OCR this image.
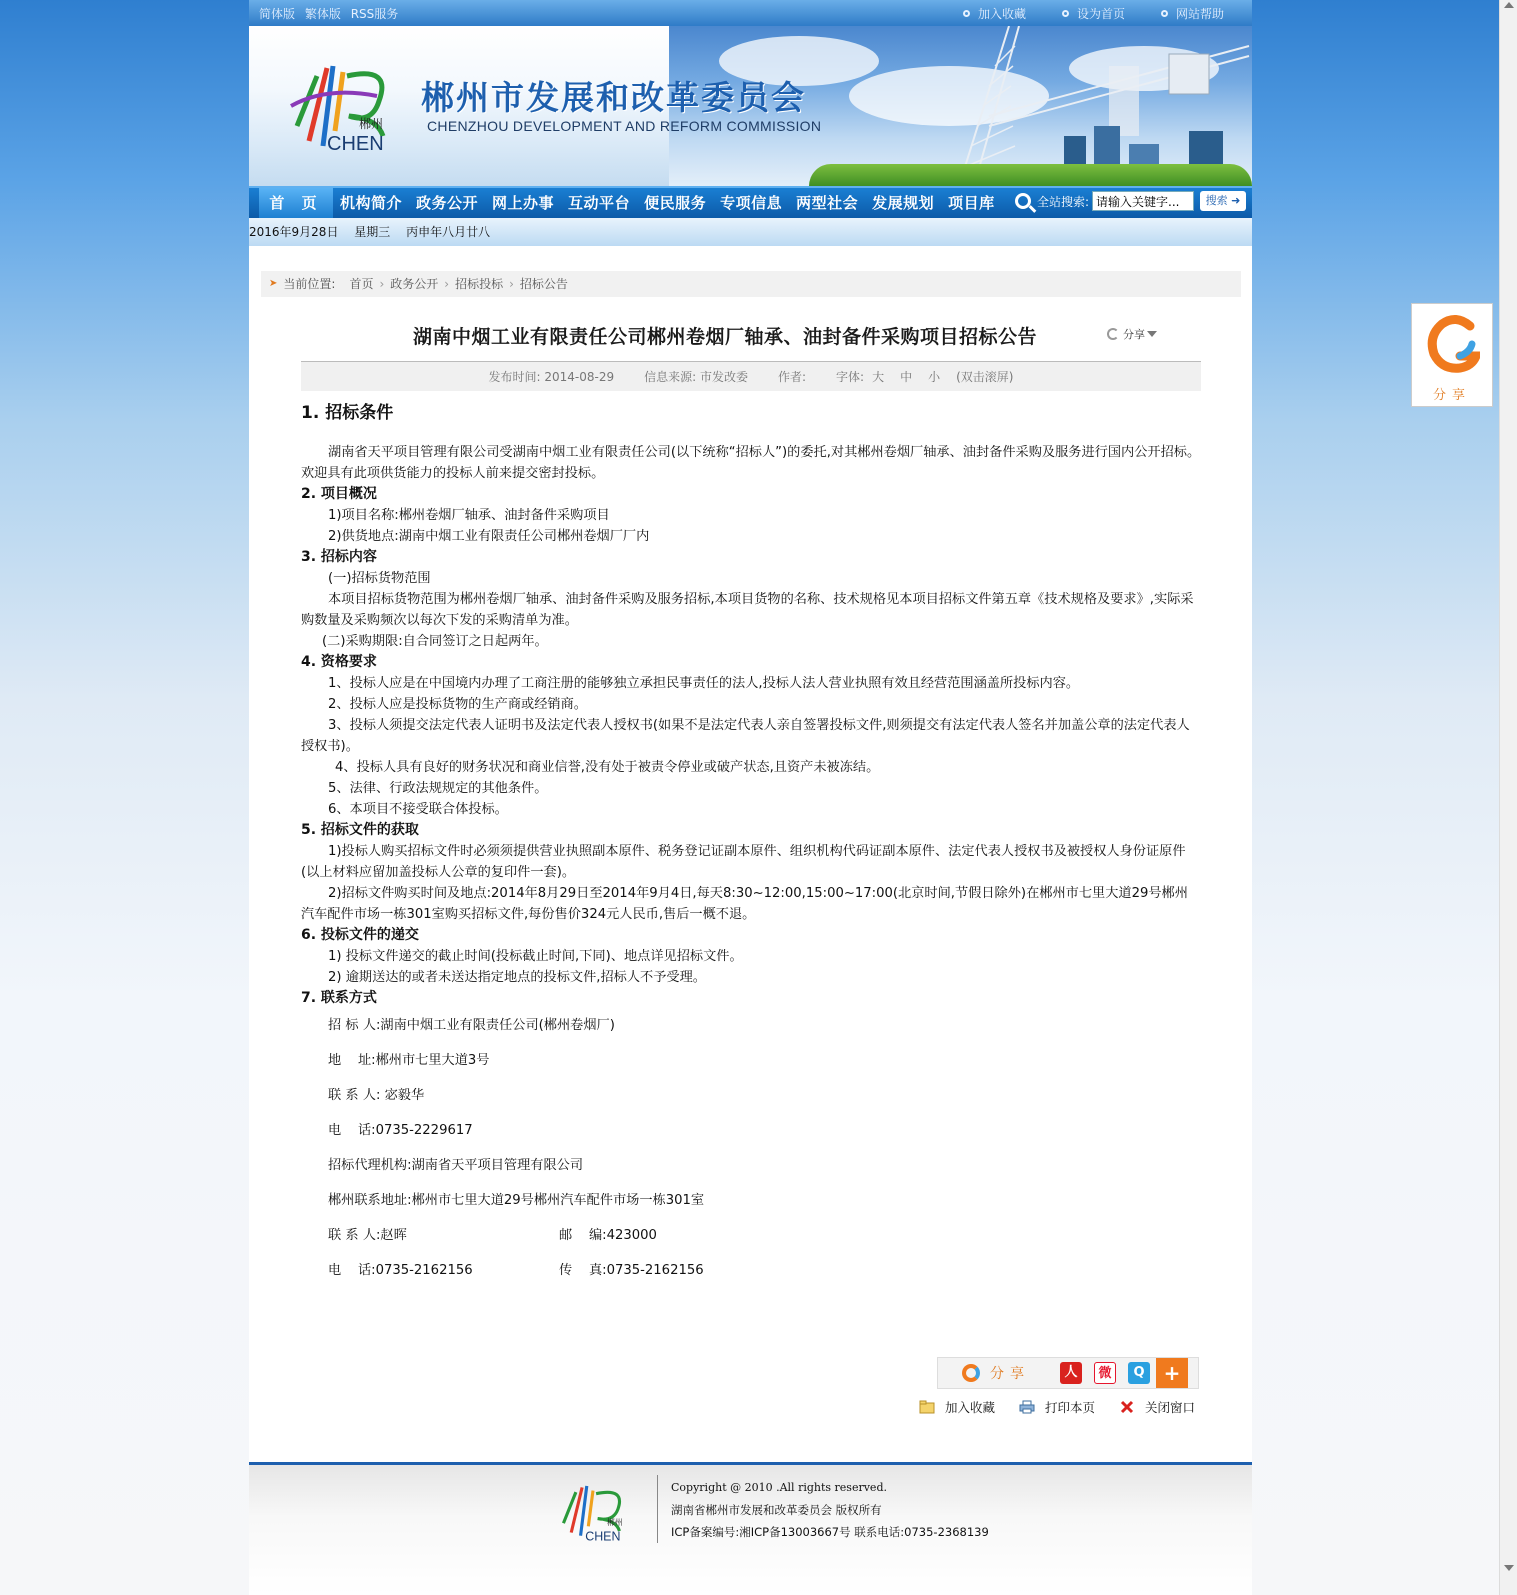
简体版 繁体版 RSS服务	加入收藏	设为首页	网站帮助
郴州
CHEN
郴州市发展和改革委员会
CHENZHOU DEVELOPMENT AND REFORM COMMISSION
首 页	机构简介 政务公开 网上办事 互动平台 便民服务 专项信息 两型社会 发展规划 项目库	全站搜索:
请输入关键字...	搜索 ➜
2016年9月28日 星期三 丙申年八月廿八
➤ 当前位置: 首页 › 政务公开 › 招标投标 › 招标公告
湖南中烟工业有限责任公司郴州卷烟厂轴承、油封备件采购项目招标公告	分享
发布时间: 2014-08-29	信息来源: 市发改委	作者:	字体: 大 中 小 (双击滚屏)
1. 招标条件

湖南省天平项目管理有限公司受湖南中烟工业有限责任公司(以下统称“招标人”)的委托,对其郴州卷烟厂轴承、油封备件采购及服务进行国内公开招标。欢迎具有此项供货能力的投标人前来提交密封投标。

2. 项目概况

1)项目名称:郴州卷烟厂轴承、油封备件采购项目

2)供货地点:湖南中烟工业有限责任公司郴州卷烟厂厂内

3. 招标内容

(一)招标货物范围

本项目招标货物范围为郴州卷烟厂轴承、油封备件采购及服务招标,本项目货物的名称、技术规格见本项目招标文件第五章《技术规格及要求》,实际采购数量及采购频次以每次下发的采购清单为准。

(二)采购期限:自合同签订之日起两年。

4. 资格要求

1、投标人应是在中国境内办理了工商注册的能够独立承担民事责任的法人,投标人法人营业执照有效且经营范围涵盖所投标内容。

2、投标人应是投标货物的生产商或经销商。

3、投标人须提交法定代表人证明书及法定代表人授权书(如果不是法定代表人亲自签署投标文件,则须提交有法定代表人签名并加盖公章的法定代表人授权书)。

4、投标人具有良好的财务状况和商业信誉,没有处于被责令停业或破产状态,且资产未被冻结。

5、法律、行政法规规定的其他条件。

6、本项目不接受联合体投标。

5. 招标文件的获取

1)投标人购买招标文件时必须须提供营业执照副本原件、税务登记证副本原件、组织机构代码证副本原件、法定代表人授权书及被授权人身份证原件(以上材料应留加盖投标人公章的复印件一套)。

2)招标文件购买时间及地点:2014年8月29日至2014年9月4日,每天8:30~12:00,15:00~17:00(北京时间,节假日除外)在郴州市七里大道29号郴州汽车配件市场一栋301室购买招标文件,每份售价324元人民币,售后一概不退。

6. 投标文件的递交

1) 投标文件递交的截止时间(投标截止时间,下同)、地点详见招标文件。

2) 逾期送达的或者未送达指定地点的投标文件,招标人不予受理。

7. 联系方式

招 标 人:湖南中烟工业有限责任公司(郴州卷烟厂)
地    址:郴州市七里大道3号
联 系 人: 宓毅华
电    话:0735-2229617
招标代理机构:湖南省天平项目管理有限公司
郴州联系地址:郴州市七里大道29号郴州汽车配件市场一栋301室
联 系 人:赵晖	邮    编:423000
电    话:0735-2162156	传    真:0735-2162156
分享	人	微	Q +
加入收藏	打印本页	关闭窗口
郴州
CHEN
Copyright @ 2010 .All rights reserved.
湖南省郴州市发展和改革委员会 版权所有
ICP备案编号:湘ICP备13003667号 联系电话:0735-2368139
分享
